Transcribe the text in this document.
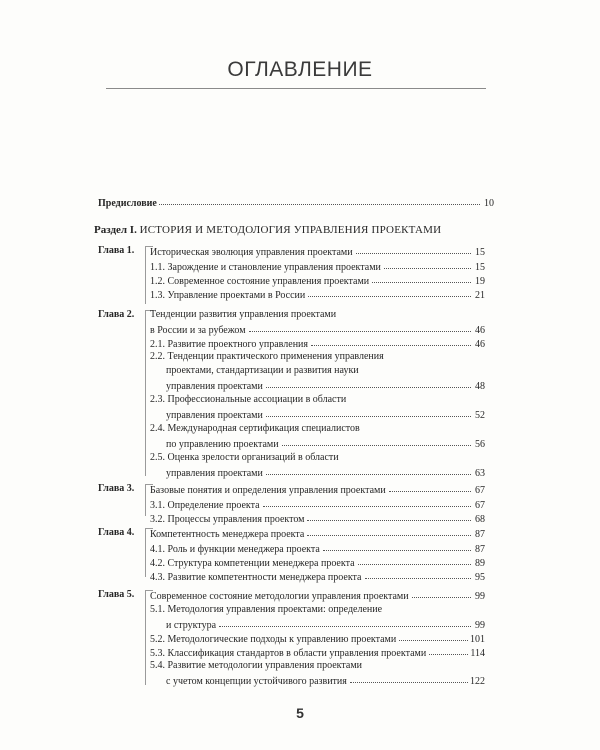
ОГЛАВЛЕНИЕ
Предисловие	10
Раздел I. ИСТОРИЯ И МЕТОДОЛОГИЯ УПРАВЛЕНИЯ ПРОЕКТАМИ
Глава 1. Историческая эволюция управления проектами	15
1.1. Зарождение и становление управления проектами	15
1.2. Современное состояние управления проектами	19
1.3. Управление проектами в России	21
Глава 2. Тенденции развития управления проектами
в России и за рубежом	46
2.1. Развитие проектного управления	46
2.2. Тенденции практического применения управления
проектами, стандартизации и развития науки
управления проектами	48
2.3. Профессиональные ассоциации в области
управления проектами	52
2.4. Международная сертификация специалистов
по управлению проектами	56
2.5. Оценка зрелости организаций в области
управления проектами	63
Глава 3. Базовые понятия и определения управления проектами	67
3.1. Определение проекта	67
3.2. Процессы управления проектом	68
Глава 4. Компетентность менеджера проекта	87
4.1. Роль и функции менеджера проекта	87
4.2. Структура компетенции менеджера проекта	89
4.3. Развитие компетентности менеджера проекта	95
Глава 5. Современное состояние методологии управления проектами	99
5.1. Методология управления проектами: определение
и структура	99
5.2. Методологические подходы к управлению проектами	101
5.3. Классификация стандартов в области управления проектами	114
5.4. Развитие методологии управления проектами
с учетом концепции устойчивого развития	122
5
